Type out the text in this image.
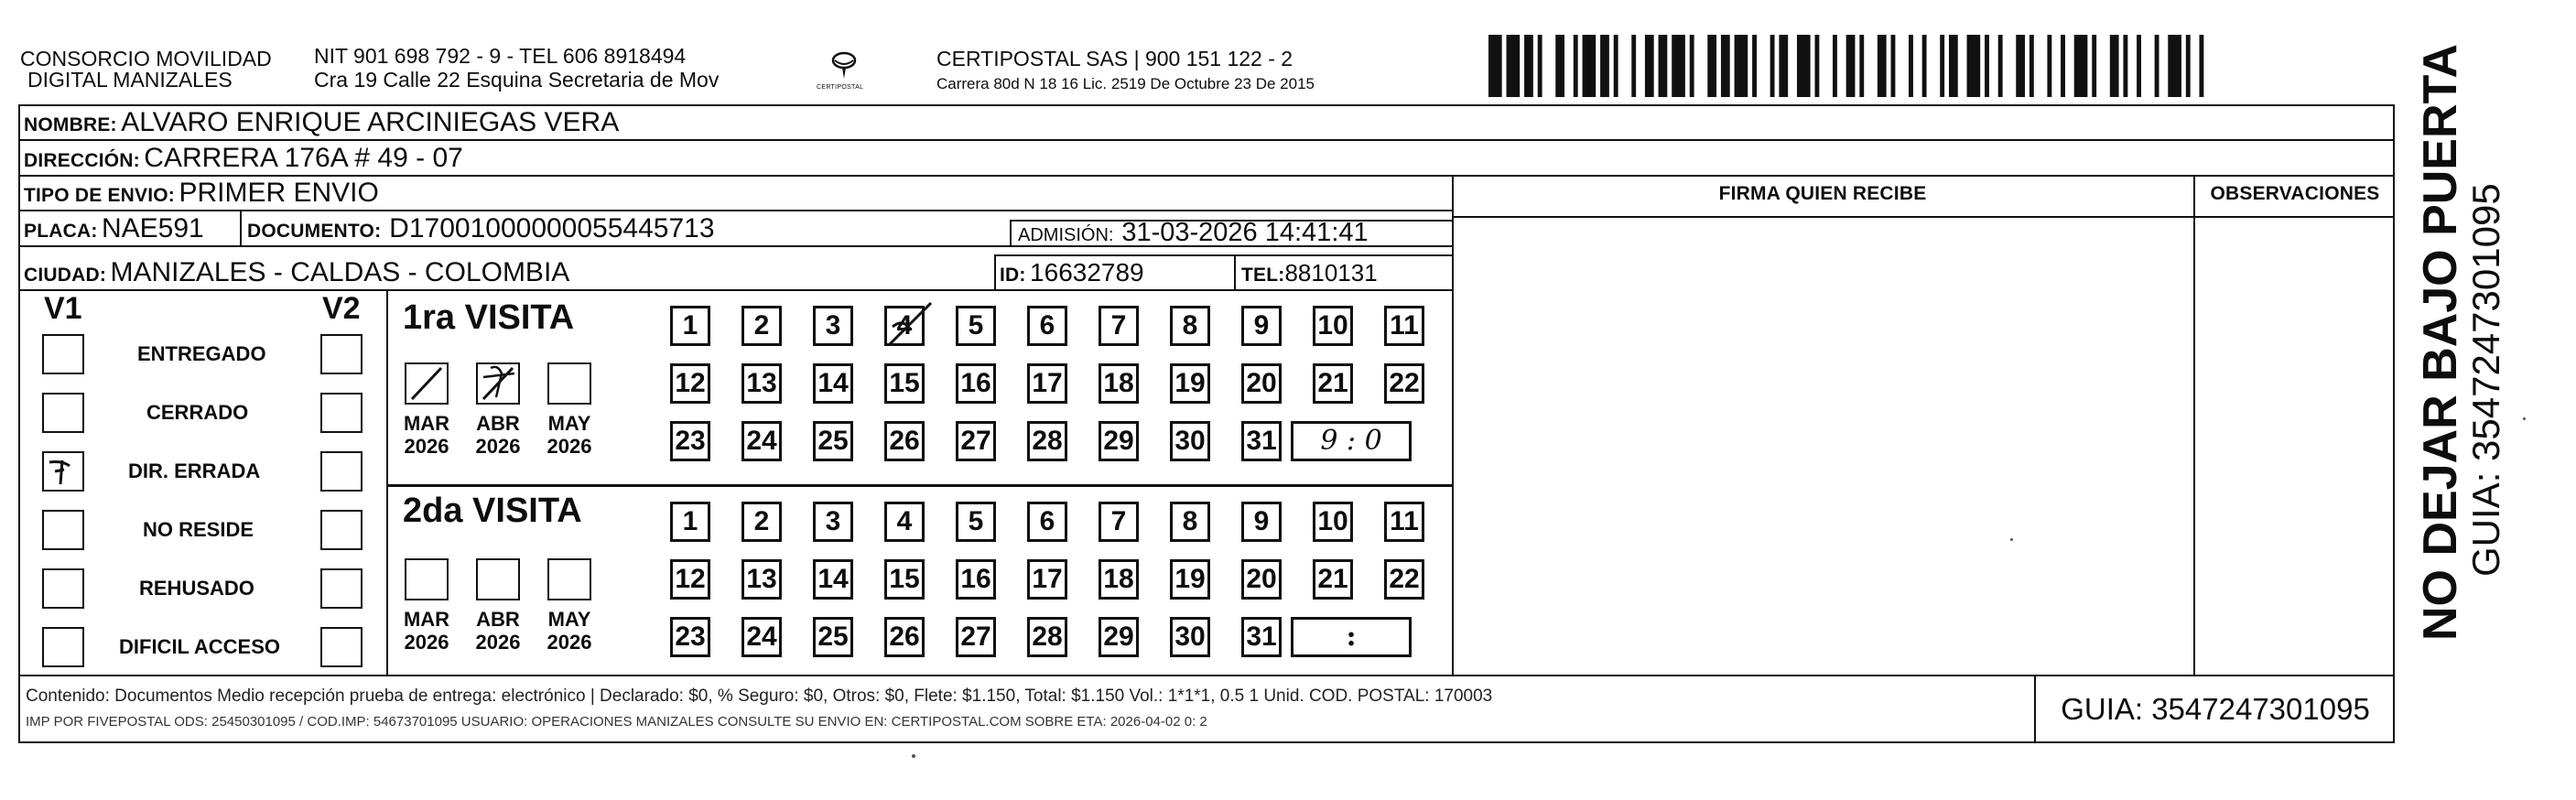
CONSORCIO MOVILIDAD
DIGITAL MANIZALES
NIT 901 698 792 - 9 - TEL 606 8918494
Cra 19 Calle 22 Esquina Secretaria de Mov	CERTIPOSTAL
CERTIPOSTAL SAS | 900 151 122 - 2
Carrera 80d N 18 16 Lic. 2519 De Octubre 23 De 2015
NOMBRE: ALVARO ENRIQUE ARCINIEGAS VERA
DIRECCIÓN: CARRERA 176A # 49 - 07
TIPO DE ENVIO: PRIMER ENVIO
PLACA: NAE591 DOCUMENTO: D17001000000055445713	ADMISIÓN: 31-03-2026 14:41:41
CIUDAD: MANIZALES - CALDAS - COLOMBIA	ID: 16632789	TEL:8810131
FIRMA QUIEN RECIBE	OBSERVACIONES
V1	V2 1ra VISITA
2da VISITA
Contenido: Documentos Medio recepción prueba de entrega: electrónico | Declarado: $0, % Seguro: $0, Otros: $0, Flete: $1.150, Total: $1.150 Vol.: 1*1*1, 0.5 1 Unid. COD. POSTAL: 170003
IMP POR FIVEPOSTAL ODS: 25450301095 / COD.IMP: 54673701095 USUARIO: OPERACIONES MANIZALES CONSULTE SU ENVIO EN: CERTIPOSTAL.COM SOBRE ETA: 2026-04-02 0: 2	GUIA: 3547247301095
NO DEJAR BAJO PUERTA
GUIA: 3547247301095
ENTREGADO
CERRADO
DIR. ERRADA
NO RESIDE
REHUSADO
DIFICIL ACCESO
MAR
2026
ABR
2026
MAY
2026
MAR
2026
ABR
2026
MAY
2026
1	2	3	4	5	6	7	8	9	10 11
12 13 14 15 16 17 18 19 20 21 22
23 24 25 26 27 28 29 30 31	9 : 0
1	2	3	4	5	6	7	8	9	10 11
12 13 14 15 16 17 18 19 20 21 22
23 24 25 26 27 28 29 30 31	:
